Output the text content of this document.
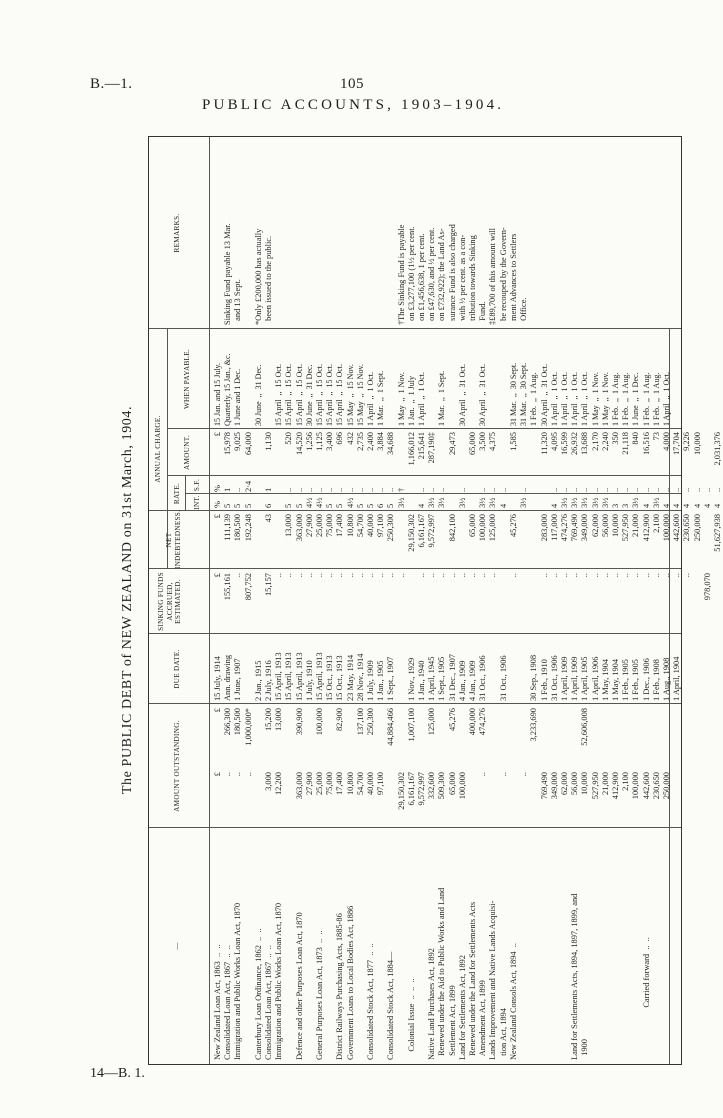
B.—1.	105
PUBLIC ACCOUNTS, 1903–1904.
The PUBLIC DEBT of NEW ZEALAND on 31st March, 1904.
—
AMOUNT OUTSTANDING.
DUE DATE.
SINKING FUNDS ACCRUED, ESTIMATED.
NET INDEBTEDNESS.
ANNUAL CHARGE.
RATE. INT.
S.F.
AMOUNT.
WHEN PAYABLE.
REMARKS.
New Zealand Loan Act, 1863  ..  ..
Consolidated Loan Act, 1867  ..  ..
Immigration and Public Works Loan Act, 1870

Canterbury Loan Ordinance, 1862  ..  ..
Consolidated Loan Act, 1867  ..  ..
Immigration and Public Works Loan Act, 1870

Defence and other Purposes Loan Act, 1870

General Purposes Loan Act, 1873  ..  ..

District Railways Purchasing Acts, 1885-86
Government Loans to Local Bodies Act, 1886

Consolidated Stock Act, 1877  ..  ..

Consolidated Stock Act, 1884—

Colonial Issue  ..  ..  ..

Native Land Purchases Act, 1892
Renewed under the Aid to Public Works and Land
Settlement Act, 1899
Land for Settlements Act, 1892
Renewed under the Land for Settlements Acts
Amendment Act, 1899
Lands Improvement and Native Lands Acquisi-
tion Act, 1894
New Zealand Consols Act, 1894  ..

Land for Settlements Acts, 1894, 1897, 1899, and
1900

Carried forward  ..  ..
£
..
..
..

3,000
12,200

363,000
27,900
25,000
75,000
17,400
10,800
54,700
40,000
97,100

29,150,302
6,161,167
9,572,997
332,600
509,300
65,000
100,000

..

..

..

769,490
349,000
62,000
56,000
10,000
527,950
21,000
412,900
2,100
100,000
442,600
230,650
250,000
£
266,300
180,500
1,000,000*

15,200
13,000

390,900

100,000

82,900

137,100
250,300

44,884,466

1,007,100

125,000

45,276

400,000
474,276

3,233,690

52,606,008
15 July, 1914
Ann. drawing
1 June, 1907

2 Jan., 1915
2 July, 1916
15 April, 1913
15 April, 1913
15 April, 1913
1 July, 1910
15 April, 1913
15 Oct., 1913
15 Oct., 1913
23 May, 1914
28 Nov., 1914
1 July, 1909
1 Jan., 1905
1 Sept., 1907

1 Nov., 1929
1 Jan., 1940
1 April, 1945
1 Sept., 1905
31 Dec., 1907
4 Jan., 1909
4 Jan., 1909
31 Oct., 1906

31 Oct., 1906

30 Sep., 1908
1 Feb., 1910
31 Oct., 1906
1 April, 1909
1 April, 1909
1 April, 1905
1 April, 1906
1 May, 1904
1 May, 1904
1 Feb., 1905
1 Feb., 1905
1 Dec., 1906
1 Feb., 1908
1 Aug., 1908
1 April, 1904
£
155,161
..
807,752

15,157
..
..
..
..
..
..
..
..
..
..
..
..
..

..
..
..
..
..
..
..
..

..

..
..
..
..
..
..
..
..
..
..
..
..
..
..
..

978,070
£
111,139
180,500
192,248

43

13,000
363,000
27,900
25,000
75,000
17,400
10,800
54,700
40,000
97,100
250,300

29,150,302
6,161,167
9,572,997

842,100

65,000
100,000
125,000

45,276

283,000
117,000
474,276
769,490
349,000
62,000
56,000
10,000
527,950
21,000
412,900
2,100
100,000
442,600
230,650
250,000

51,627,938
%
5
5
5

6

5
5
4½
4½
5
5
4½
5
5
6
5
3½

4
3½
3½

3½

3½
3½
4

3½

4
3½
3½
3½
3½
3½
3
3
3½
4
3½
4
4
4
4
4
4
%
1
..
2·4

1

..
..
..
..
..
..
..
..
..
..
..
†

..
..
..

..

..
..
..

..

..
..
..
..
..
..
..
..
..
..
..
..
..
..
..
..
..
£
15,978
9,025
64,000

1,130

520
14,520
1,256
1,125
3,400
696
432
2,735
2,400
3,884
34,688

1,166,012
215,641
287,190‡

29,473

65,000
3,500
4,375

1,585

11,320
4,095
16,599
26,932
13,688
2,170
2,240
350
21,118
840
16,516
73
4,000
17,704
9,226
10,000

2,031,376
15 Jan. and 15 July.
Quarterly, 15 Jan., &c.
1 June and 1 Dec.

30 June  ,,  31 Dec.

15 April  ,,  15 Oct.
15 April  ,,  15 Oct.
15 April  ,,  15 Oct.
30 June  ,,  31 Dec.
15 April  ,,  15 Oct.
15 April  ,,  15 Oct.
15 April  ,,  15 Oct.
15 May  ,,  15 Nov.
15 May  ,,  15 Nov.
1 April  ,,  1 Oct.
1 Mar.  ,,  1 Sept.

1 May  ,,  1 Nov.
1 Jan.  ,,  1 July
1 April  ,,  1 Oct.

1 Mar.  ,,  1 Sept.

30 April  ,,  31 Oct.

30 April  ,,  31 Oct.

31 Mar.  ,,  30 Sept.
31 Mar.  ,,  30 Sept.
1 Feb.  ,,  1 Aug.
30 April  ,,  31 Oct.
1 April  ,,  1 Oct.
1 April  ,,  1 Oct.
1 April  ,,  1 Oct.
1 April  ,,  1 Oct.
1 May  ,,  1 Nov.
1 May  ,,  1 Nov.
1 Feb.  ,,  1 Aug.
1 Feb.  ,,  1 Aug.
1 June  ,,  1 Dec.
1 Feb.  ,,  1 Aug.
1 Feb.  ,,  1 Aug.
1 April  ,,  1 Oct.

Sinking Fund payable 13 Mar.
and 13 Sept.

*Only £200,000 has actually
been issued to the public.

†The Sinking Fund is payable
on £3,277,100 (1½ per cent.
on £1,456,638, 1 per cent.
on £47,630, and ½ per cent.
on £732,922); the Land As-
surance Fund is also charged
with ½ per cent. as a con-
tribution towards Sinking
Fund.
‡£89,700 of this amount will
be recouped by the Govern-
ment Advances to Settlers
Office.
14—B. 1.
